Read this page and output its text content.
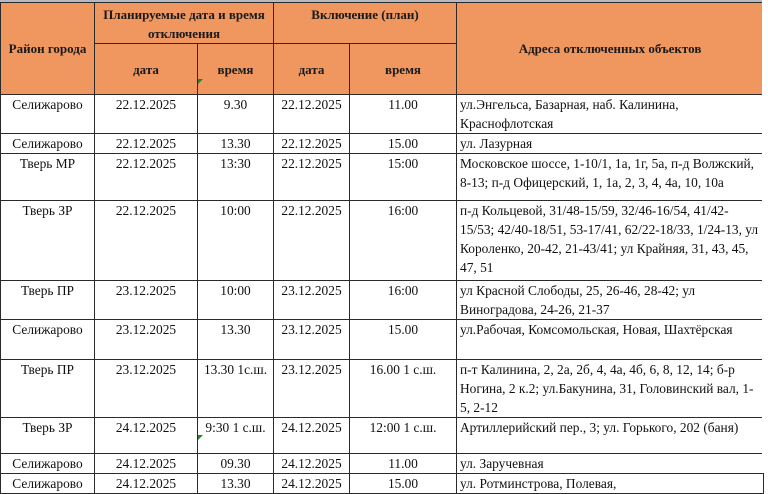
Район города	Планируемые дата и время отключения		Включение (план)		Адреса отключенных объектов
	дата	время	дата	время	
Селижарово	22.12.2025	9.30	22.12.2025	11.00	ул.Энгельса, Базарная, наб. Калинина, Краснофлотская
Селижарово	22.12.2025	13.30	22.12.2025	15.00	ул. Лазурная
Тверь МР	22.12.2025	13:30	22.12.2025	15:00	Московское шоссе, 1-10/1, 1а, 1г, 5а, п-д Волжский, 8-13; п-д Офицерский, 1, 1а, 2, 3, 4, 4а, 10, 10а
Тверь ЗР	22.12.2025	10:00	22.12.2025	16:00	п-д Кольцевой, 31/48-15/59, 32/46-16/54, 41/42-15/53; 42/40-18/51, 53-17/41, 62/22-18/33, 1/24-13, ул Короленко, 20-42, 21-43/41; ул Крайняя, 31, 43, 45, 47, 51
Тверь ПР	23.12.2025	10:00	23.12.2025	16:00	ул Красной Слободы, 25, 26-46, 28-42; ул Виноградова, 24-26, 21-37
Селижарово	23.12.2025	13.30	23.12.2025	15.00	ул.Рабочая, Комсомольская, Новая, Шахтёрская
Тверь ПР	23.12.2025	13.30 1с.ш.	23.12.2025	16.00 1 с.ш.	п-т Калинина, 2, 2а, 2б, 4, 4а, 4б, 6, 8, 12, 14; б-р Ногина, 2 к.2; ул.Бакунина, 31, Головинский вал, 1-5, 2-12
Тверь ЗР	24.12.2025	9:30 1 с.ш.	24.12.2025	12:00 1 с.ш.	Артиллерийский пер., 3; ул. Горького, 202 (баня)
Селижарово	24.12.2025	09.30	24.12.2025	11.00	ул. Заручевная
Селижарово	24.12.2025	13.30	24.12.2025	15.00	ул. Ротминстрова, Полевая,
